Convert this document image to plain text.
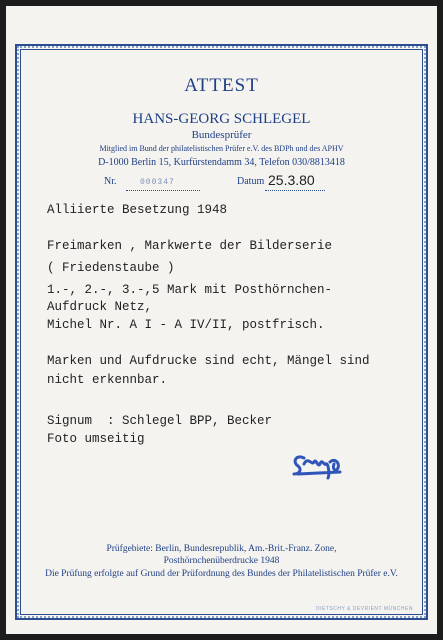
ATTEST
HANS-GEORG SCHLEGEL
Bundesprüfer
Mitglied im Bund der philatelistischen Prüfer e.V. des BDPh und des APHV
D-1000 Berlin 15, Kurfürstendamm 34, Telefon 030/8813418
Nr.	000347	Datum 25.3.80
Alliierte Besetzung 1948
Freimarken , Markwerte der Bilderserie
( Friedenstaube )
1.-, 2.-, 3.-,5 Mark mit Posthörnchen-
Aufdruck Netz,
Michel Nr. A I - A IV/II, postfrisch.
Marken und Aufdrucke sind echt, Mängel sind
nicht erkennbar.
Signum  : Schlegel BPP, Becker
Foto umseitig
Prüfgebiete: Berlin, Bundesrepublik, Am.-Brit.-Franz. Zone,
Posthörnchenüberdrucke 1948
Die Prüfung erfolgte auf Grund der Prüfordnung des Bundes der Philatelistischen Prüfer e.V.
DIETSCHY & DEVRIENT MÜNCHEN
